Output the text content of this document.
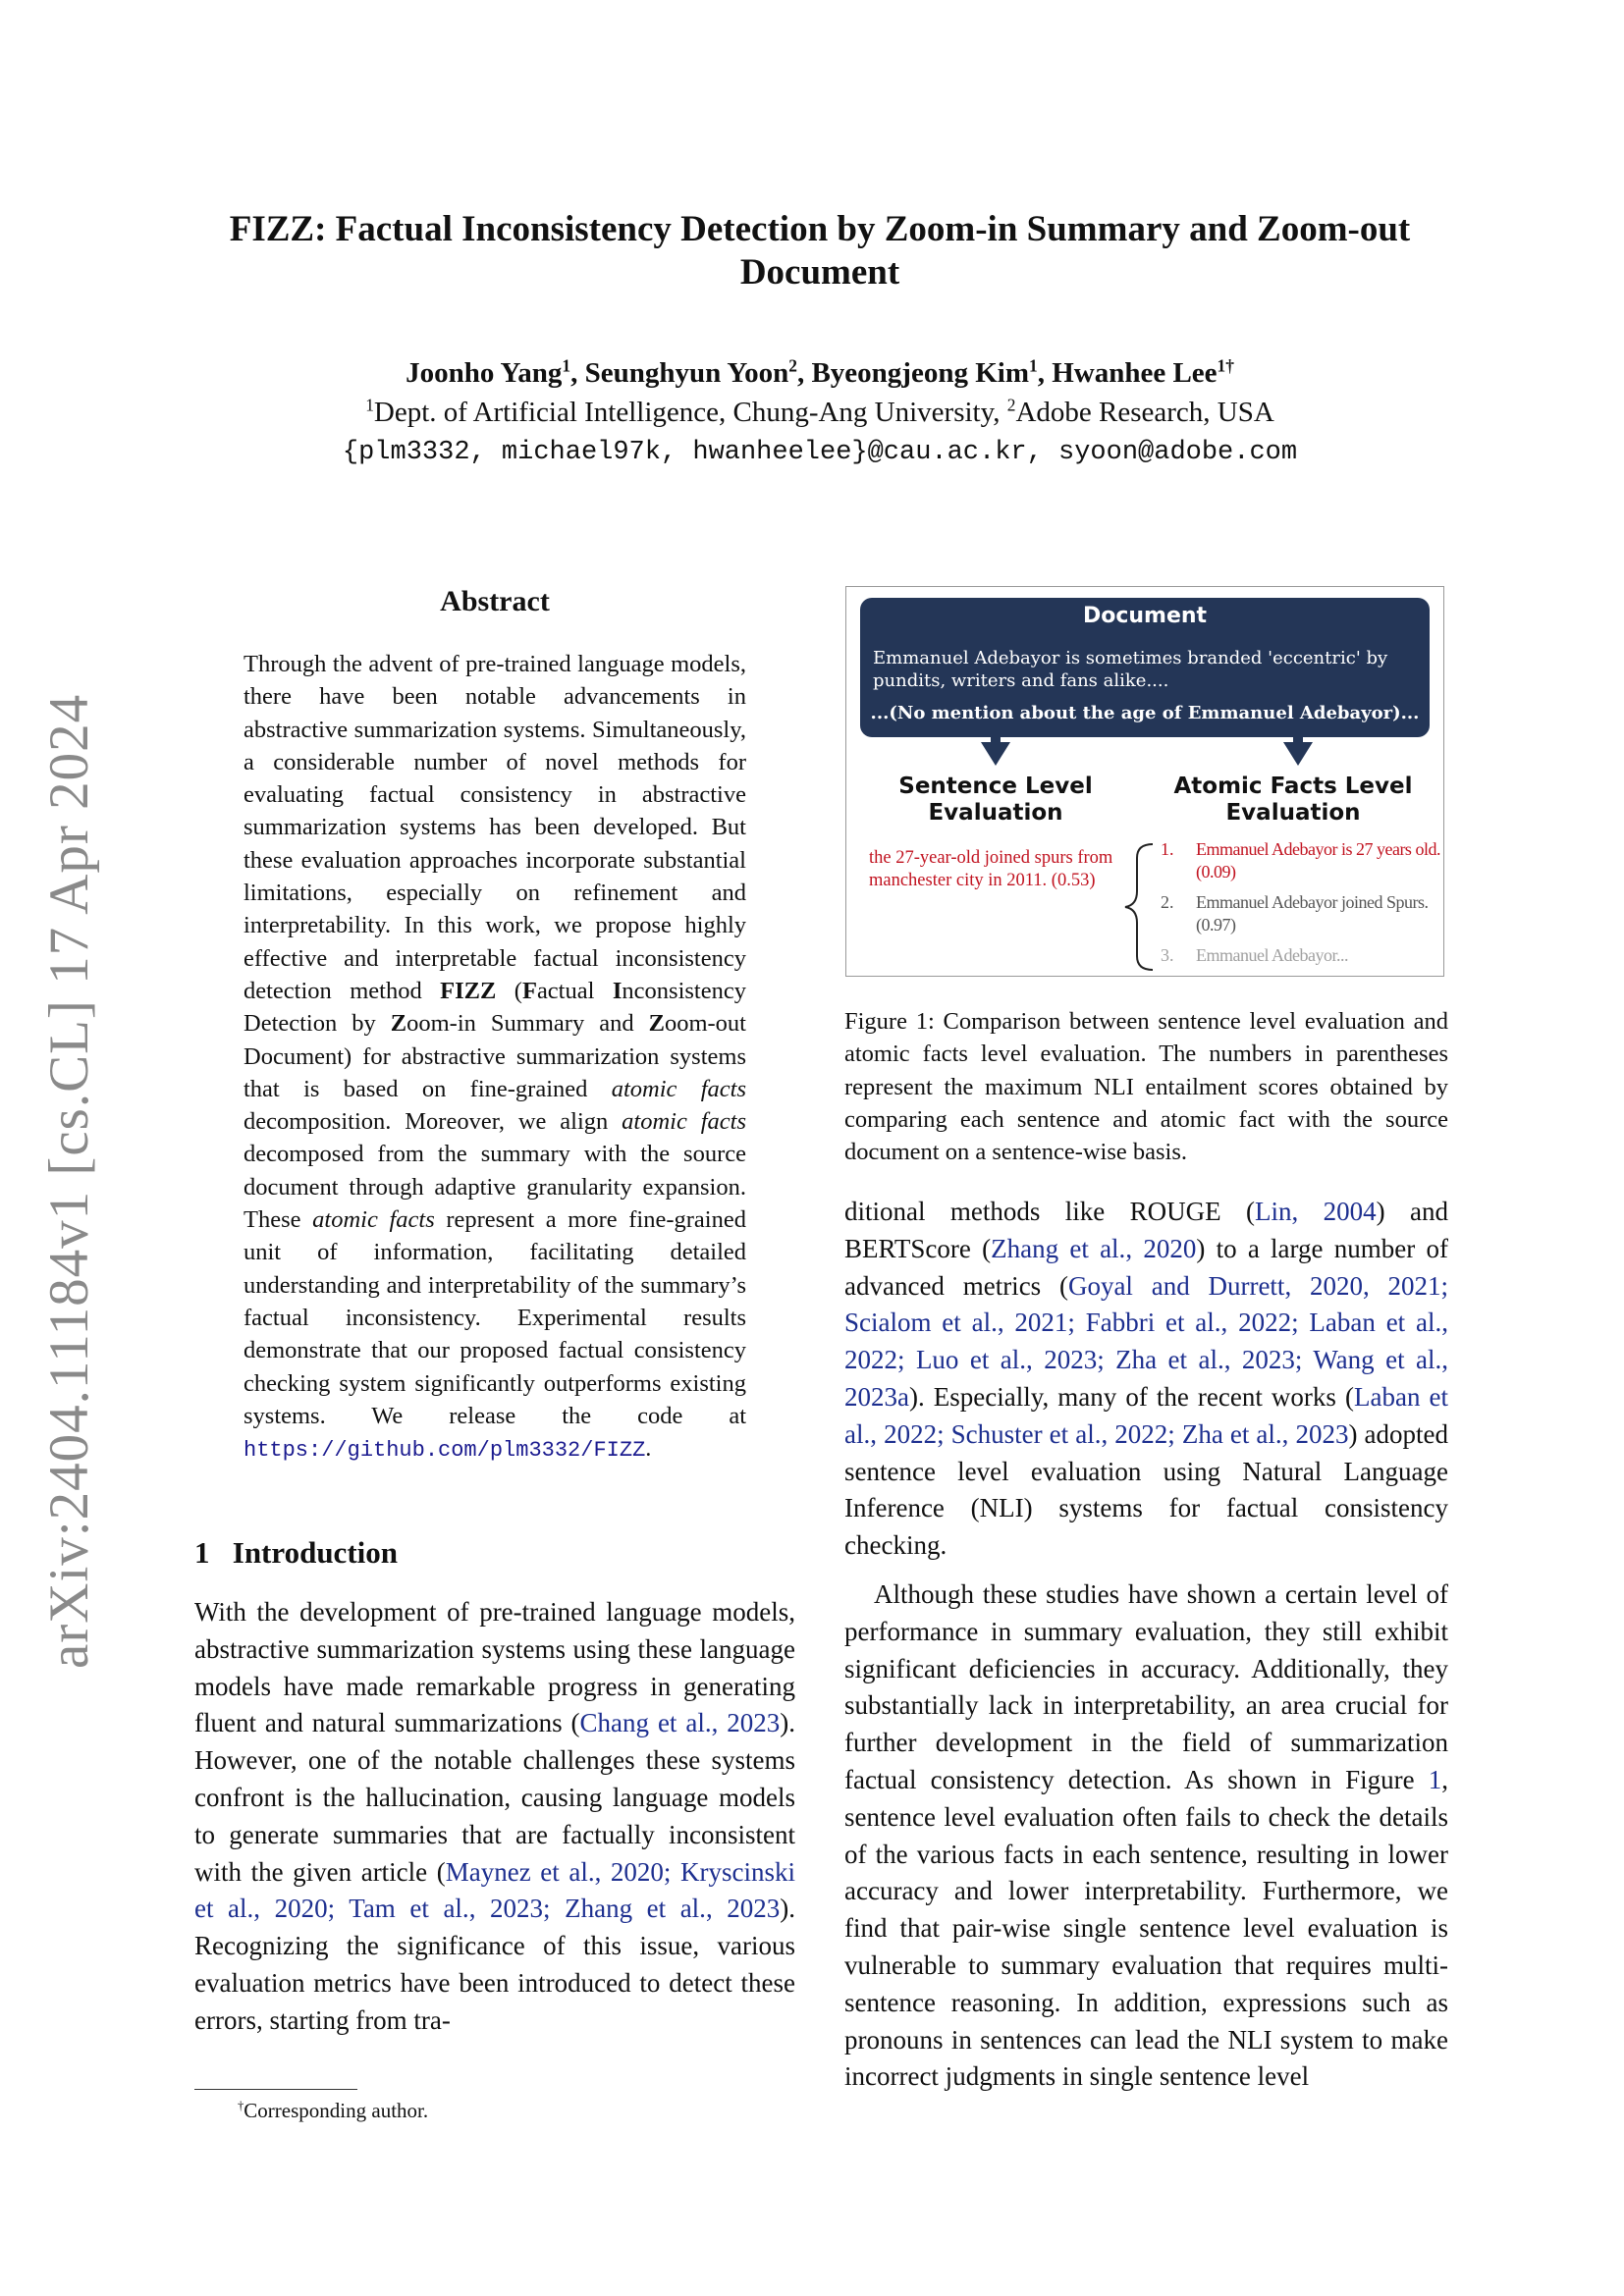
arXiv:2404.11184v1 [cs.CL] 17 Apr 2024
FIZZ: Factual Inconsistency Detection by Zoom-in Summary and Zoom-out Document
Joonho Yang$^1$, Seunghyun Yoon$^2$, Byeongjeong Kim$^1$, Hwanhee Lee$^{1\dagger}$
$^1$Dept. of Artificial Intelligence, Chung-Ang University, $^2$Adobe Research, USA
{plm3332, michael97k, hwanheelee}@cau.ac.kr, syoon@adobe.com
Abstract
Through the advent of pre-trained language models, there have been notable advancements in abstractive summarization systems. Simultaneously, a considerable number of novel methods for evaluating factual consistency in abstractive summarization systems has been developed. But these evaluation approaches incorporate substantial limitations, especially on refinement and interpretability. In this work, we propose highly effective and interpretable factual inconsistency detection method FIZZ (Factual Inconsistency Detection by Zoom-in Summary and Zoom-out Document) for abstractive summarization systems that is based on fine-grained atomic facts decomposition. Moreover, we align atomic facts decomposed from the summary with the source document through adaptive granularity expansion. These atomic facts represent a more fine-grained unit of information, facilitating detailed understanding and interpretability of the summary’s factual inconsistency. Experimental results demonstrate that our proposed factual consistency checking system significantly outperforms existing systems. We release the code at https://github.com/plm3332/FIZZ.
1 Introduction
With the development of pre-trained language models, abstractive summarization systems using these language models have made remarkable progress in generating fluent and natural summarizations (Chang et al., 2023). However, one of the notable challenges these systems confront is the hallucination, causing language models to generate summaries that are factually inconsistent with the given article (Maynez et al., 2020; Kryscinski et al., 2020; Tam et al., 2023; Zhang et al., 2023). Recognizing the significance of this issue, various evaluation metrics have been introduced to detect these errors, starting from tra-
†Corresponding author.
Document
Emmanuel Adebayor is sometimes branded 'eccentric' by pundits, writers and fans alike....
...(No mention about the age of Emmanuel Adebayor)...
Sentence Level
Evaluation
Atomic Facts Level
Evaluation
the 27-year-old joined spurs from manchester city in 2011. (0.53)
1.	Emmanuel Adebayor is 27 years old. (0.09)
2.	Emmanuel Adebayor joined Spurs. (0.97)
3.	Emmanuel Adebayor...
Figure 1: Comparison between sentence level evaluation and atomic facts level evaluation. The numbers in parentheses represent the maximum NLI entailment scores obtained by comparing each sentence and atomic fact with the source document on a sentence-wise basis.
ditional methods like ROUGE (Lin, 2004) and BERTScore (Zhang et al., 2020) to a large number of advanced metrics (Goyal and Durrett, 2020, 2021; Scialom et al., 2021; Fabbri et al., 2022; Laban et al., 2022; Luo et al., 2023; Zha et al., 2023; Wang et al., 2023a). Especially, many of the recent works (Laban et al., 2022; Schuster et al., 2022; Zha et al., 2023) adopted sentence level evaluation using Natural Language Inference (NLI) systems for factual consistency checking.
Although these studies have shown a certain level of performance in summary evaluation, they still exhibit significant deficiencies in accuracy. Additionally, they substantially lack in interpretability, an area crucial for further development in the field of summarization factual consistency detection. As shown in Figure 1, sentence level evaluation often fails to check the details of the various facts in each sentence, resulting in lower accuracy and lower interpretability. Furthermore, we find that pair-wise single sentence level evaluation is vulnerable to summary evaluation that requires multi-sentence reasoning. In addition, expressions such as pronouns in sentences can lead the NLI system to make incorrect judgments in single sentence level
